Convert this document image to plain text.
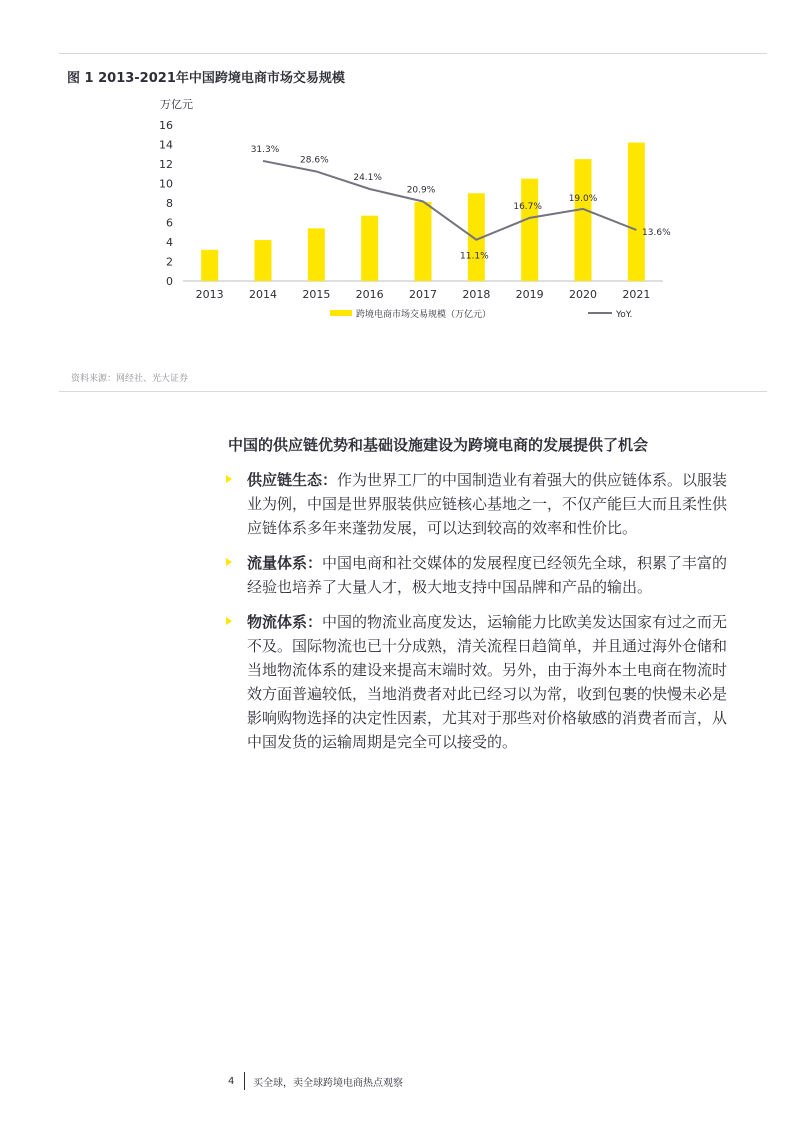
图 1 2013-2021年中国跨境电商市场交易规模
万亿元
0
2
4
6
8
10
12
14
16
2013 2014 2015 2016 2017 2018 2019 2020 2021
31.3%
28.6%
24.1%
20.9%
11.1%
16.7%
19.0%
13.6%
跨境电商市场交易规模（万亿元）	YoY.
资料来源：网经社、光大证券
中国的供应链优势和基础设施建设为跨境电商的发展提供了机会

供应链生态：作为世界工厂的中国制造业有着强大的供应链体系。以服装业为例，中国是世界服装供应链核心基地之一，不仅产能巨大而且柔性供应链体系多年来蓬勃发展，可以达到较高的效率和性价比。

流量体系：中国电商和社交媒体的发展程度已经领先全球，积累了丰富的经验也培养了大量人才，极大地支持中国品牌和产品的输出。

物流体系：中国的物流业高度发达，运输能力比欧美发达国家有过之而无不及。国际物流也已十分成熟，清关流程日趋简单，并且通过海外仓储和当地物流体系的建设来提高末端时效。另外，由于海外本土电商在物流时效方面普遍较低，当地消费者对此已经习以为常，收到包裹的快慢未必是影响购物选择的决定性因素，尤其对于那些对价格敏感的消费者而言，从中国发货的运输周期是完全可以接受的。

4	买全球，卖全球跨境电商热点观察
